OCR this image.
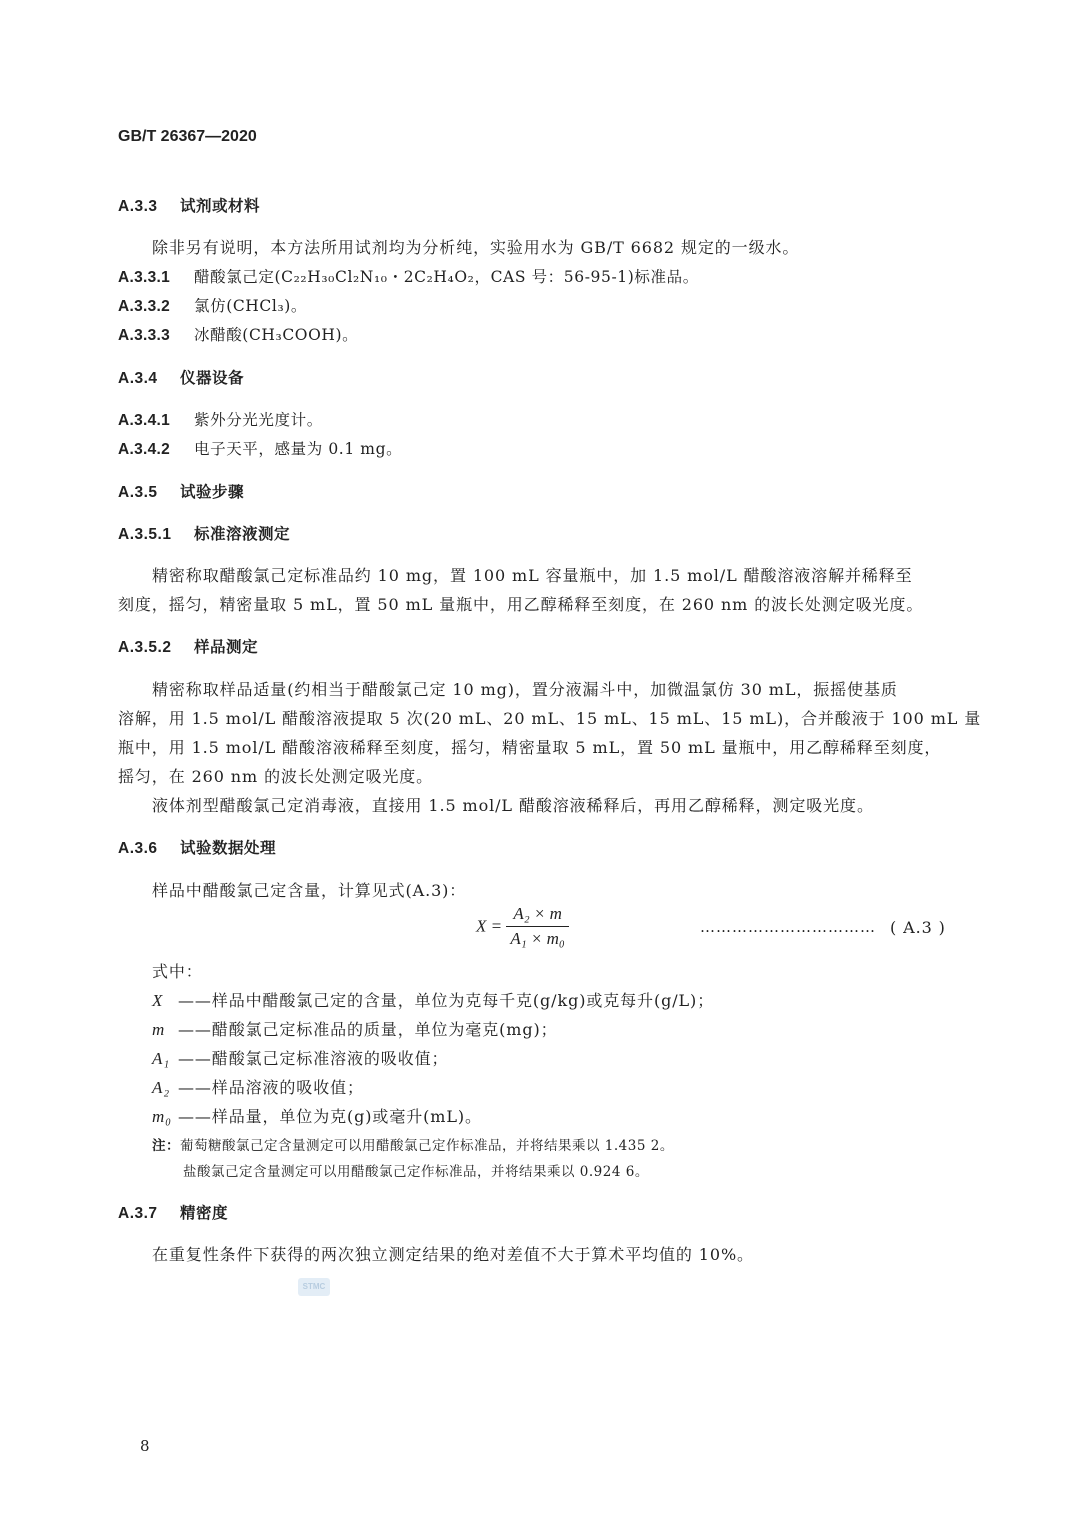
GB/T 26367—2020
A.3.3 试剂或材料
除非另有说明，本方法所用试剂均为分析纯，实验用水为 GB/T 6682 规定的一级水。
A.3.3.1 醋酸氯己定(C₂₂H₃₀Cl₂N₁₀・2C₂H₄O₂，CAS 号：56-95-1)标准品。
A.3.3.2 氯仿(CHCl₃)。
A.3.3.3 冰醋酸(CH₃COOH)。
A.3.4 仪器设备
A.3.4.1 紫外分光光度计。
A.3.4.2 电子天平，感量为 0.1 mg。
A.3.5 试验步骤
A.3.5.1 标准溶液测定
精密称取醋酸氯己定标准品约 10 mg，置 100 mL 容量瓶中，加 1.5 mol/L 醋酸溶液溶解并稀释至
刻度，摇匀，精密量取 5 mL，置 50 mL 量瓶中，用乙醇稀释至刻度，在 260 nm 的波长处测定吸光度。
A.3.5.2 样品测定
精密称取样品适量(约相当于醋酸氯己定 10 mg)，置分液漏斗中，加微温氯仿 30 mL，振摇使基质
溶解，用 1.5 mol/L 醋酸溶液提取 5 次(20 mL、20 mL、15 mL、15 mL、15 mL)，合并酸液于 100 mL 量
瓶中，用 1.5 mol/L 醋酸溶液稀释至刻度，摇匀，精密量取 5 mL，置 50 mL 量瓶中，用乙醇稀释至刻度，
摇匀，在 260 nm 的波长处测定吸光度。
液体剂型醋酸氯己定消毒液，直接用 1.5 mol/L 醋酸溶液稀释后，再用乙醇稀释，测定吸光度。
A.3.6 试验数据处理
样品中醋酸氯己定含量，计算见式(A.3)：
$X = \frac{\text{A₂ × m}}{\text{A₁ × m₀}}$	…………………………… ( A.3 )
式中：
X ——样品中醋酸氯己定的含量，单位为克每千克(g/kg)或克每升(g/L)；
m ——醋酸氯己定标准品的质量，单位为毫克(mg)；
A₁ ——醋酸氯己定标准溶液的吸收值；
A₂ ——样品溶液的吸收值；
m₀ ——样品量，单位为克(g)或毫升(mL)。
注：葡萄糖酸氯己定含量测定可以用醋酸氯己定作标准品，并将结果乘以 1.435 2。
盐酸氯己定含量测定可以用醋酸氯己定作标准品，并将结果乘以 0.924 6。
A.3.7 精密度
在重复性条件下获得的两次独立测定结果的绝对差值不大于算术平均值的 10%。
STMC
8
